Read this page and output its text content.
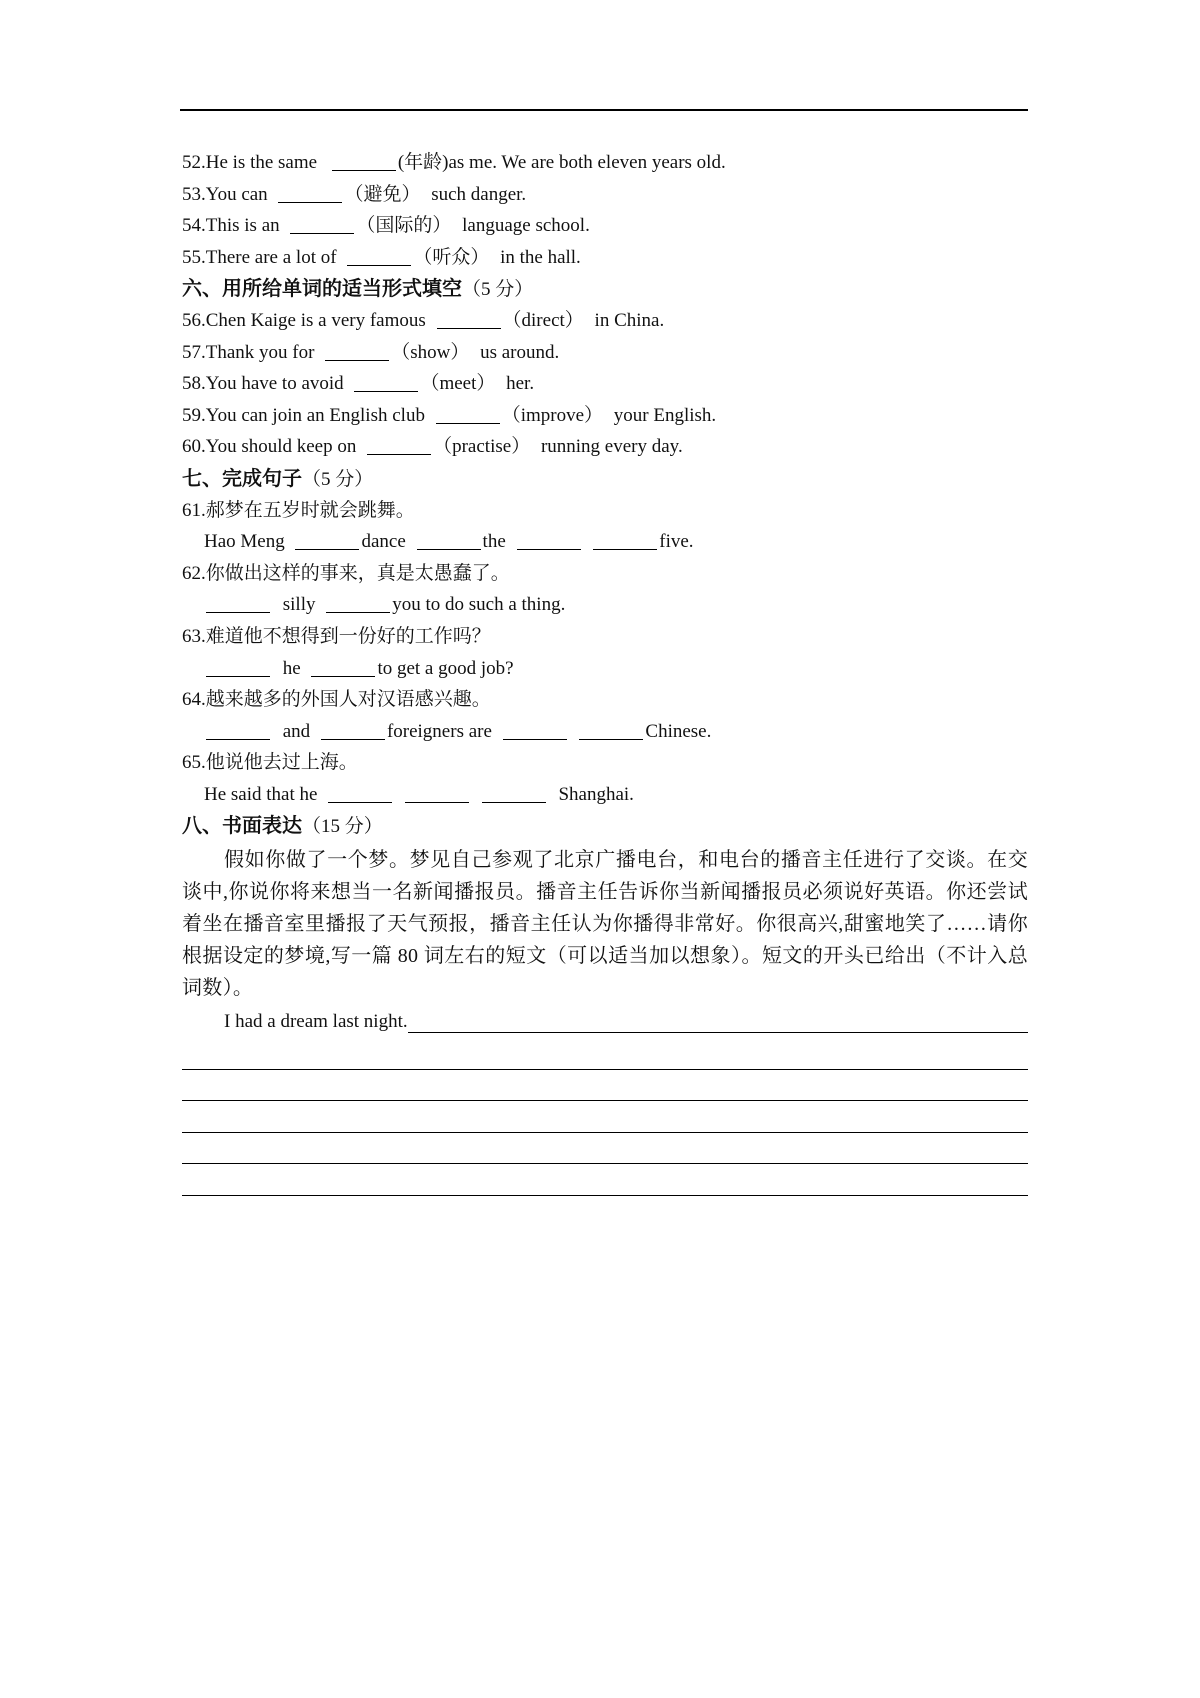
52.He is the same	(年龄)as me. We are both eleven years old.
53.You can	（避免） such danger.
54.This is an	（国际的） language school.
55.There are a lot of	（听众） in the hall.
六、用所给单词的适当形式填空（5 分）
56.Chen Kaige is a very famous	（direct） in China.
57.Thank you for	（show） us around.
58.You have to avoid	（meet） her.
59.You can join an English club	（improve） your English.
60.You should keep on	（practise） running every day.
七、完成句子（5 分）
61.郝梦在五岁时就会跳舞。
Hao Meng	dance	the	five.
62.你做出这样的事来，真是太愚蠢了。
silly	you to do such a thing.
63.难道他不想得到一份好的工作吗？
he	to get a good job?
64.越来越多的外国人对汉语感兴趣。
and	foreigners are	Chinese.
65.他说他去过上海。
He said that he	Shanghai.
八、书面表达（15 分）
假如你做了一个梦。梦见自己参观了北京广播电台，和电台的播音主任进行了交谈。在交谈中,你说你将来想当一名新闻播报员。播音主任告诉你当新闻播报员必须说好英语。你还尝试着坐在播音室里播报了天气预报，播音主任认为你播得非常好。你很高兴,甜蜜地笑了……请你根据设定的梦境,写一篇 80 词左右的短文（可以适当加以想象）。短文的开头已给出（不计入总词数）。
I had a dream last night.
